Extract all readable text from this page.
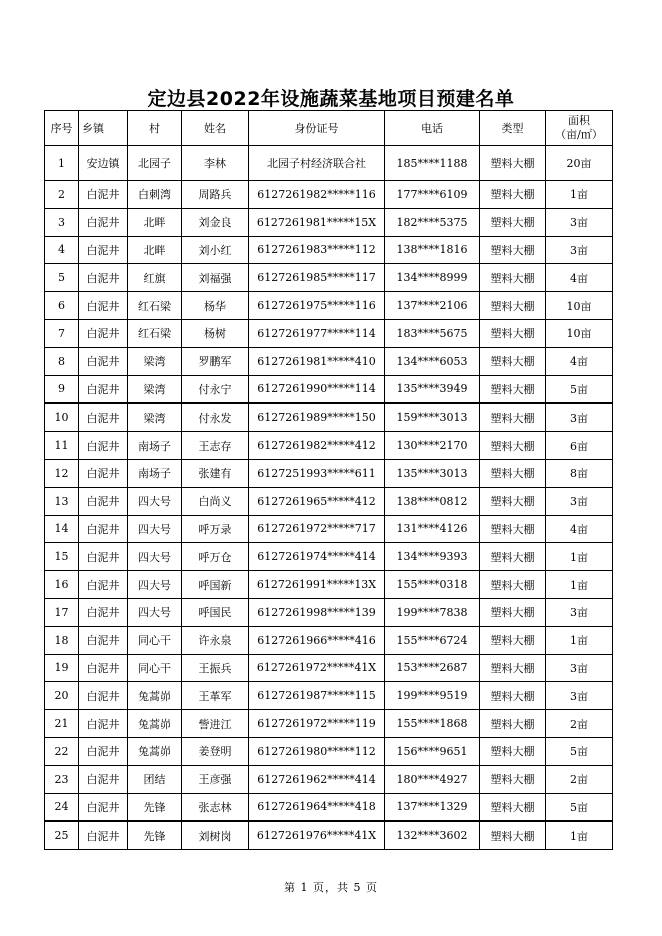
定边县2022年设施蔬菜基地项目预建名单
序号	乡镇	村	姓名	身份证号	电话	类型	面积
（亩/㎡）

1	安边镇	北园子	李林	北园子村经济联合社	185****1188	塑料大棚	20亩
2	白泥井	白刺湾	周路兵	6127261982*****116	177****6109	塑料大棚	1亩
3	白泥井	北畔	刘金良	6127261981*****15X	182****5375	塑料大棚	3亩
4	白泥井	北畔	刘小红	6127261983*****112	138****1816	塑料大棚	3亩
5	白泥井	红旗	刘福强	6127261985*****117	134****8999	塑料大棚	4亩
6	白泥井	红石梁	杨华	6127261975*****116	137****2106	塑料大棚	10亩
7	白泥井	红石梁	杨树	6127261977*****114	183****5675	塑料大棚	10亩
8	白泥井	梁湾	罗鹏军	6127261981*****410	134****6053	塑料大棚	4亩
9	白泥井	梁湾	付永宁	6127261990*****114	135****3949	塑料大棚	5亩
10	白泥井	梁湾	付永发	6127261989*****150	159****3013	塑料大棚	3亩
11	白泥井	南场子	王志存	6127261982*****412	130****2170	塑料大棚	6亩
12	白泥井	南场子	张建有	6127251993*****611	135****3013	塑料大棚	8亩
13	白泥井	四大号	白尚义	6127261965*****412	138****0812	塑料大棚	3亩
14	白泥井	四大号	呼万录	6127261972*****717	131****4126	塑料大棚	4亩
15	白泥井	四大号	呼万仓	6127261974*****414	134****9393	塑料大棚	1亩
16	白泥井	四大号	呼国新	6127261991*****13X	155****0318	塑料大棚	1亩
17	白泥井	四大号	呼国民	6127261998*****139	199****7838	塑料大棚	3亩
18	白泥井	同心干	许永泉	6127261966*****416	155****6724	塑料大棚	1亩
19	白泥井	同心干	王振兵	6127261972*****41X	153****2687	塑料大棚	3亩
20	白泥井	兔蒿峁	王革军	6127261987*****115	199****9519	塑料大棚	3亩
21	白泥井	兔蒿峁	訾进江	6127261972*****119	155****1868	塑料大棚	2亩
22	白泥井	兔蒿峁	姜登明	6127261980*****112	156****9651	塑料大棚	5亩
23	白泥井	团结	王彦强	6127261962*****414	180****4927	塑料大棚	2亩
24	白泥井	先锋	张志林	6127261964*****418	137****1329	塑料大棚	5亩
25	白泥井	先锋	刘树岗	6127261976*****41X	132****3602	塑料大棚	1亩
第 1 页，共 5 页
